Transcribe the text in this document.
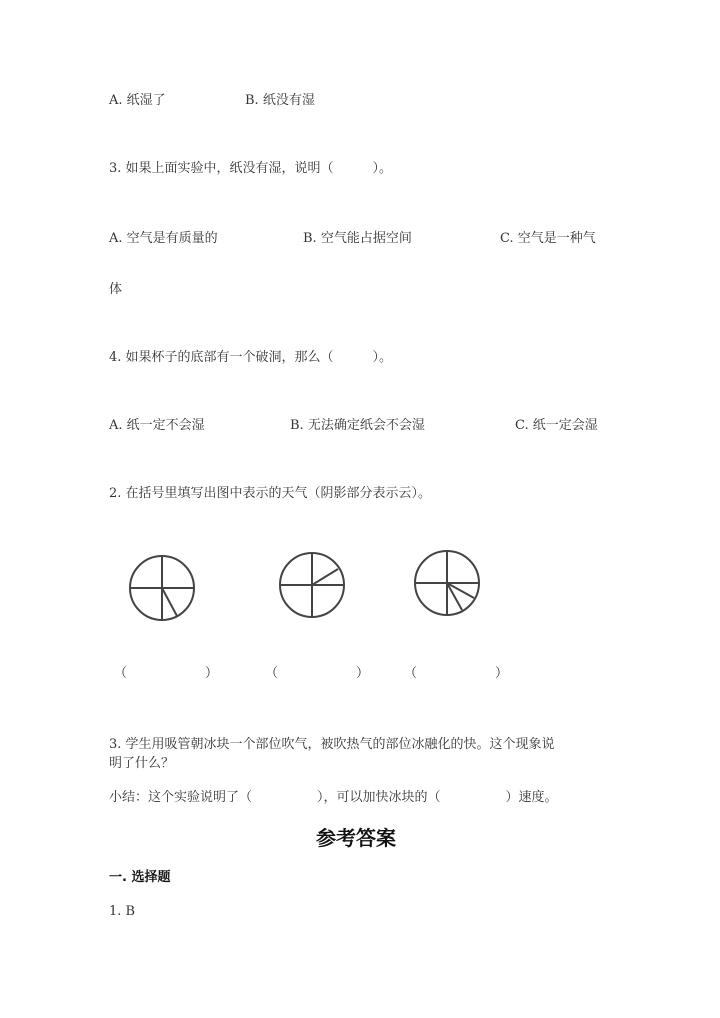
A. 纸湿了	B. 纸没有湿
3. 如果上面实验中，纸没有湿，说明（　　　）。
A. 空气是有质量的	B. 空气能占据空间	C. 空气是一种气
体
4. 如果杯子的底部有一个破洞，那么（　　　）。
A. 纸一定不会湿	B. 无法确定纸会不会湿	C. 纸一定会湿
2. 在括号里填写出图中表示的天气（阴影部分表示云）。
（　　　　　　）	（　　　　　　）	（　　　　　　）
3. 学生用吸管朝冰块一个部位吹气，被吹热气的部位冰融化的快。这个现象说
明了什么？
小结：这个实验说明了（　　　　　），可以加快冰块的（　　　　　）速度。
参考答案
一. 选择题
1. B
